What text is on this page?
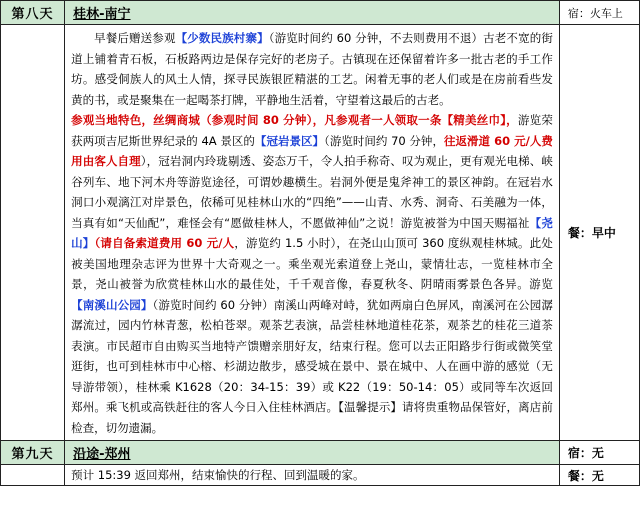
第八天	桂林-南宁	宿：火车上

	早餐后赠送参观【少数民族村寨】（游览时间约 60 分钟，不去则费用不退）古老不宽的街道上铺着青石板，石板路两边是保存完好的老房子。古镇现在还保留着许多一批古老的手工作坊。感受侗族人的风土人情，探寻民族银匠精湛的工艺。闲着无事的老人们或是在房前看些发黄的书，或是聚集在一起喝茶打牌，平静地生活着，守望着这最后的古老。

参观当地特色，丝绸商城（参观时间 80 分钟），凡参观者一人领取一条【精美丝巾】，游览荣获两项吉尼斯世界纪录的 4A 景区的【冠岩景区】（游览时间约 70 分钟，往返滑道 60 元/人费用由客人自理），冠岩洞内玲珑剔透、姿态万千，令人拍手称奇、叹为观止，更有观光电梯、峡谷列车、地下河木舟等游览途径，可谓妙趣横生。岩洞外便是鬼斧神工的景区神韵。在冠岩水洞口小观漓江对岸景色，依稀可见桂林山水的“四绝”——山青、水秀、洞奇、石美融为一体，当真有如“天仙配”，难怪会有“愿做桂林人，不愿做神仙”之说！游览被誉为中国天赐福祉【尧山】（请自备索道费用 60 元/人，游览约 1.5 小时），在尧山山顶可 360 度纵观桂林城。此处被美国地理杂志评为世界十大奇观之一。乘坐观光索道登上尧山，蒙情壮志，一览桂林市全景，尧山被誉为欣赏桂林山水的最佳处，千千观音像，春夏秋冬、阴晴雨雾景色各异。游览【南溪山公园】（游览时间约 60 分钟）南溪山两峰对峙，犹如两扇白色屏风，南溪河在公园潺潺流过，园内竹林青葱，松柏苍翠。观茶艺表演，品尝桂林地道桂花茶，观茶艺的桂花三道茶表演。市民超市自由购买当地特产馈赠亲朋好友，结束行程。您可以去正阳路步行街或微笑堂逛街，也可到桂林市中心榕、杉湖边散步，感受城在景中、景在城中、人在画中游的感觉（无导游带领），桂林乘 K1628（20：34-15：39）或 K22（19：50-14：05）或同等车次返回郑州。乘飞机或高铁赶往的客人今日入住桂林酒店。【温馨提示】请将贵重物品保管好，离店前检查，切勿遗漏。	餐：早中
第九天	沿途-郑州	宿：无
	预计 15:39 返回郑州，结束愉快的行程、回到温暖的家。	餐：无
